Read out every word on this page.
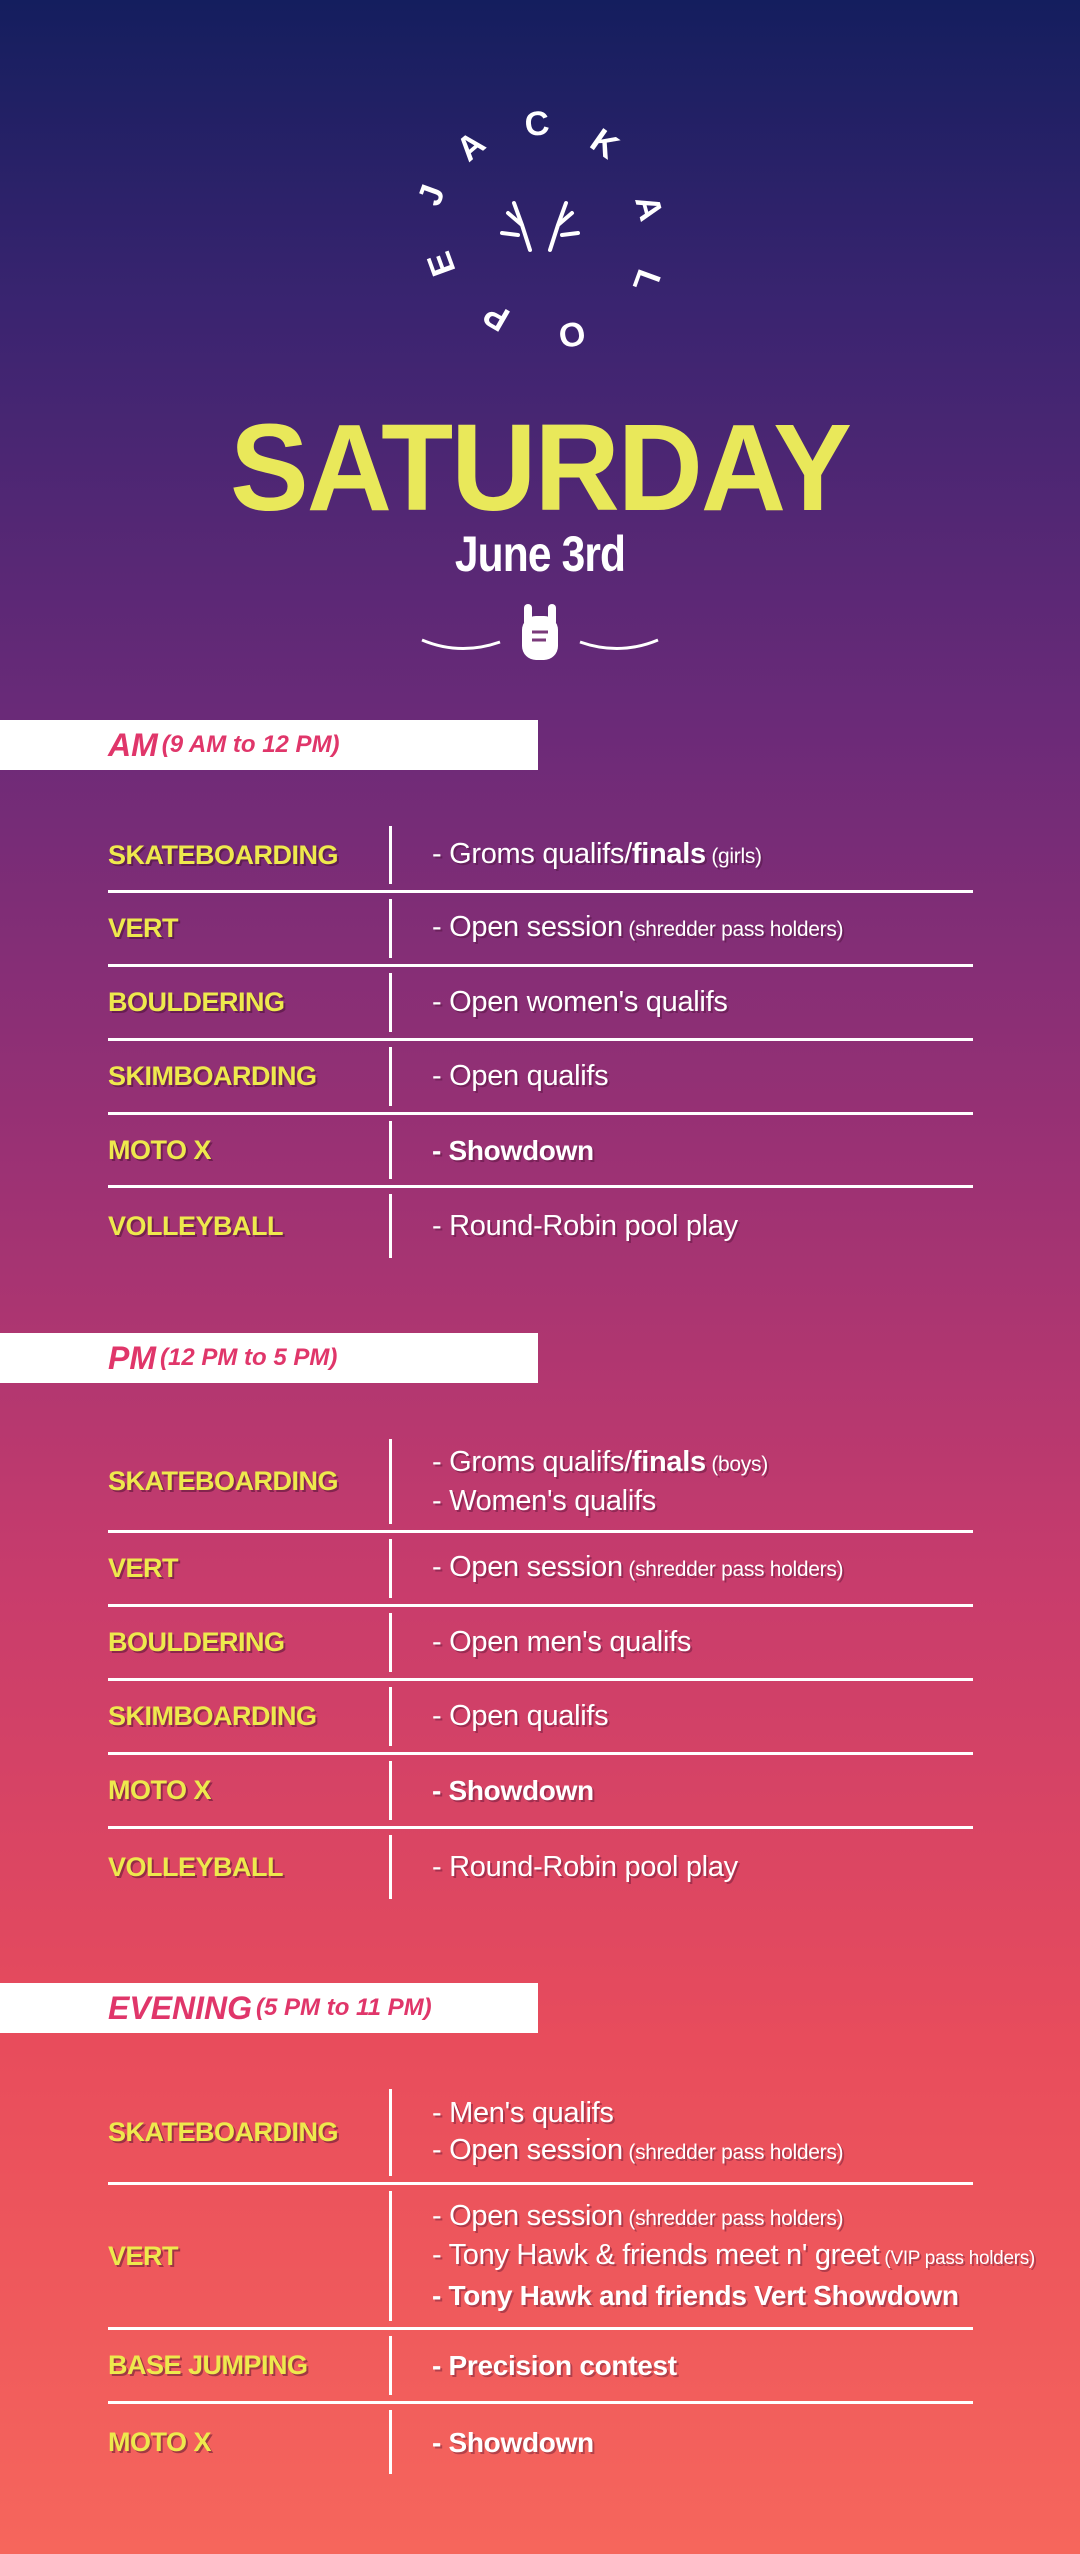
J
A
C K
A
L
O
P
E
SATURDAY
June 3rd
AM (9 AM to 12 PM)
SKATEBOARDING	- Groms qualifs/finals (girls)
VERT	- Open session (shredder pass holders)
BOULDERING	- Open women's qualifs
SKIMBOARDING	- Open qualifs
MOTO X	- Showdown
VOLLEYBALL	- Round-Robin pool play
PM (12 PM to 5 PM)
SKATEBOARDING
- Groms qualifs/finals (boys)
- Women's qualifs
VERT	- Open session (shredder pass holders)
BOULDERING	- Open men's qualifs
SKIMBOARDING	- Open qualifs
MOTO X	- Showdown
VOLLEYBALL	- Round-Robin pool play
EVENING (5 PM to 11 PM)
SKATEBOARDING
- Men's qualifs
- Open session (shredder pass holders)
VERT
- Open session (shredder pass holders)
- Tony Hawk & friends meet n' greet (VIP pass holders)
- Tony Hawk and friends Vert Showdown
BASE JUMPING	- Precision contest
MOTO X	- Showdown
